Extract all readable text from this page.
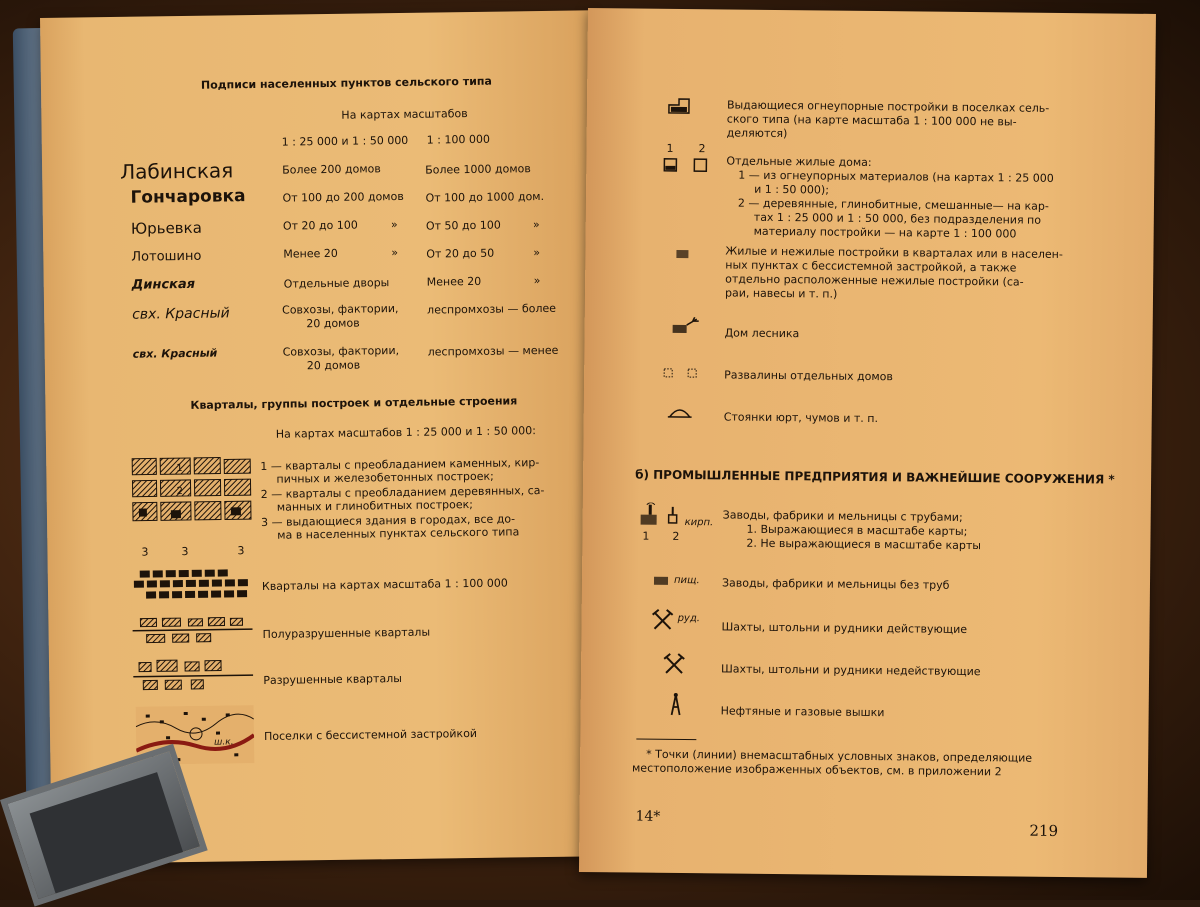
Подписи населенных пунктов сельского типа
На картах масштабов
1 : 25 000 и 1 : 50 000 1 : 100 000
Лабинская	Более 200 домов	Более 1000 домов
Гончаровка	От 100 до 200 домов От 100 до 1000 дом.
Юрьевка	От 20 до 100	»	От 50 до 100	»
Лотошино	Менее 20	»	От 20 до 50	»
Динская	Отдельные дворы	Менее 20	»
свх. Красный	Совхозы, фактории,	леспромхозы — более
20 домов
свх. Красный	Совхозы, фактории,	леспромхозы — менее
20 домов
Кварталы, группы построек и отдельные строения
На картах масштабов 1 : 25 000 и 1 : 50 000:
1
2
3	3	3
1 — кварталы с преобладанием каменных, кир-
пичных и железобетонных построек;
2 — кварталы с преобладанием деревянных, са-
манных и глинобитных построек;
3 — выдающиеся здания в городах, все до-
ма в населенных пунктах сельского типа
Кварталы на картах масштаба 1 : 100 000
Полуразрушенные кварталы
Разрушенные кварталы
ш.к.	Поселки с бессистемной застройкой
Выдающиеся огнеупорные постройки в поселках сель-
ского типа (на карте масштаба 1 : 100 000 не вы-
деляются)
1 2
Отдельные жилые дома:
1 — из огнеупорных материалов (на картах 1 : 25 000
и 1 : 50 000);
2 — деревянные, глинобитные, смешанные— на кар-
тах 1 : 25 000 и 1 : 50 000, без подразделения по
материалу постройки — на карте 1 : 100 000
Жилые и нежилые постройки в кварталах или в населен-
ных пунктах с бессистемной застройкой, а также
отдельно расположенные нежилые постройки (са-
раи, навесы и т. п.)
Дом лесника
Развалины отдельных домов
Стоянки юрт, чумов и т. п.
б) ПРОМЫШЛЕННЫЕ ПРЕДПРИЯТИЯ И ВАЖНЕЙШИЕ СООРУЖЕНИЯ *
кирп.
1 2
Заводы, фабрики и мельницы с трубами;
1. Выражающиеся в масштабе карты;
2. Не выражающиеся в масштабе карты
пищ. Заводы, фабрики и мельницы без труб
руд.
Шахты, штольни и рудники действующие
Шахты, штольни и рудники недействующие
Нефтяные и газовые вышки
* Точки (линии) внемасштабных условных знаков, определяющие
местоположение изображенных объектов, см. в приложении 2
14*
219
